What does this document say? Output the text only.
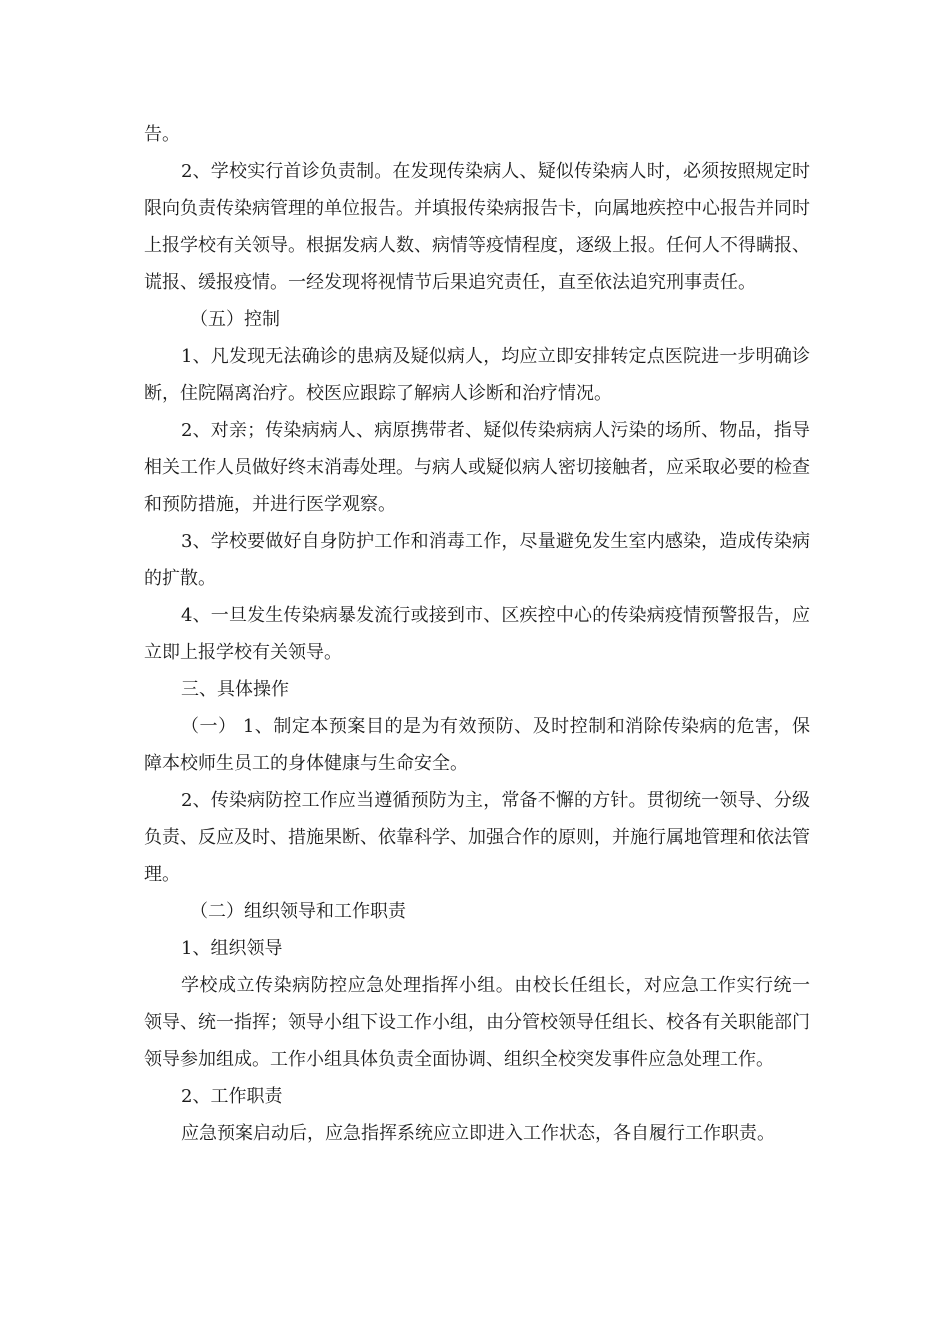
告。

2、学校实行首诊负责制。在发现传染病人、疑似传染病人时，必须按照规定时限向负责传染病管理的单位报告。并填报传染病报告卡，向属地疾控中心报告并同时上报学校有关领导。根据发病人数、病情等疫情程度，逐级上报。任何人不得瞒报、谎报、缓报疫情。一经发现将视情节后果追究责任，直至依法追究刑事责任。

（五）控制

1、凡发现无法确诊的患病及疑似病人，均应立即安排转定点医院进一步明确诊断，住院隔离治疗。校医应跟踪了解病人诊断和治疗情况。

2、对亲；传染病病人、病原携带者、疑似传染病病人污染的场所、物品，指导相关工作人员做好终末消毒处理。与病人或疑似病人密切接触者，应采取必要的检查和预防措施，并进行医学观察。

3、学校要做好自身防护工作和消毒工作，尽量避免发生室内感染，造成传染病的扩散。

4、一旦发生传染病暴发流行或接到市、区疾控中心的传染病疫情预警报告，应立即上报学校有关领导。

三、具体操作

（一） 1、制定本预案目的是为有效预防、及时控制和消除传染病的危害，保障本校师生员工的身体健康与生命安全。

2、传染病防控工作应当遵循预防为主，常备不懈的方针。贯彻统一领导、分级负责、反应及时、措施果断、依靠科学、加强合作的原则，并施行属地管理和依法管理。

（二）组织领导和工作职责

1、组织领导

学校成立传染病防控应急处理指挥小组。由校长任组长，对应急工作实行统一领导、统一指挥；领导小组下设工作小组，由分管校领导任组长、校各有关职能部门领导参加组成。工作小组具体负责全面协调、组织全校突发事件应急处理工作。

2、工作职责

应急预案启动后，应急指挥系统应立即进入工作状态，各自履行工作职责。
